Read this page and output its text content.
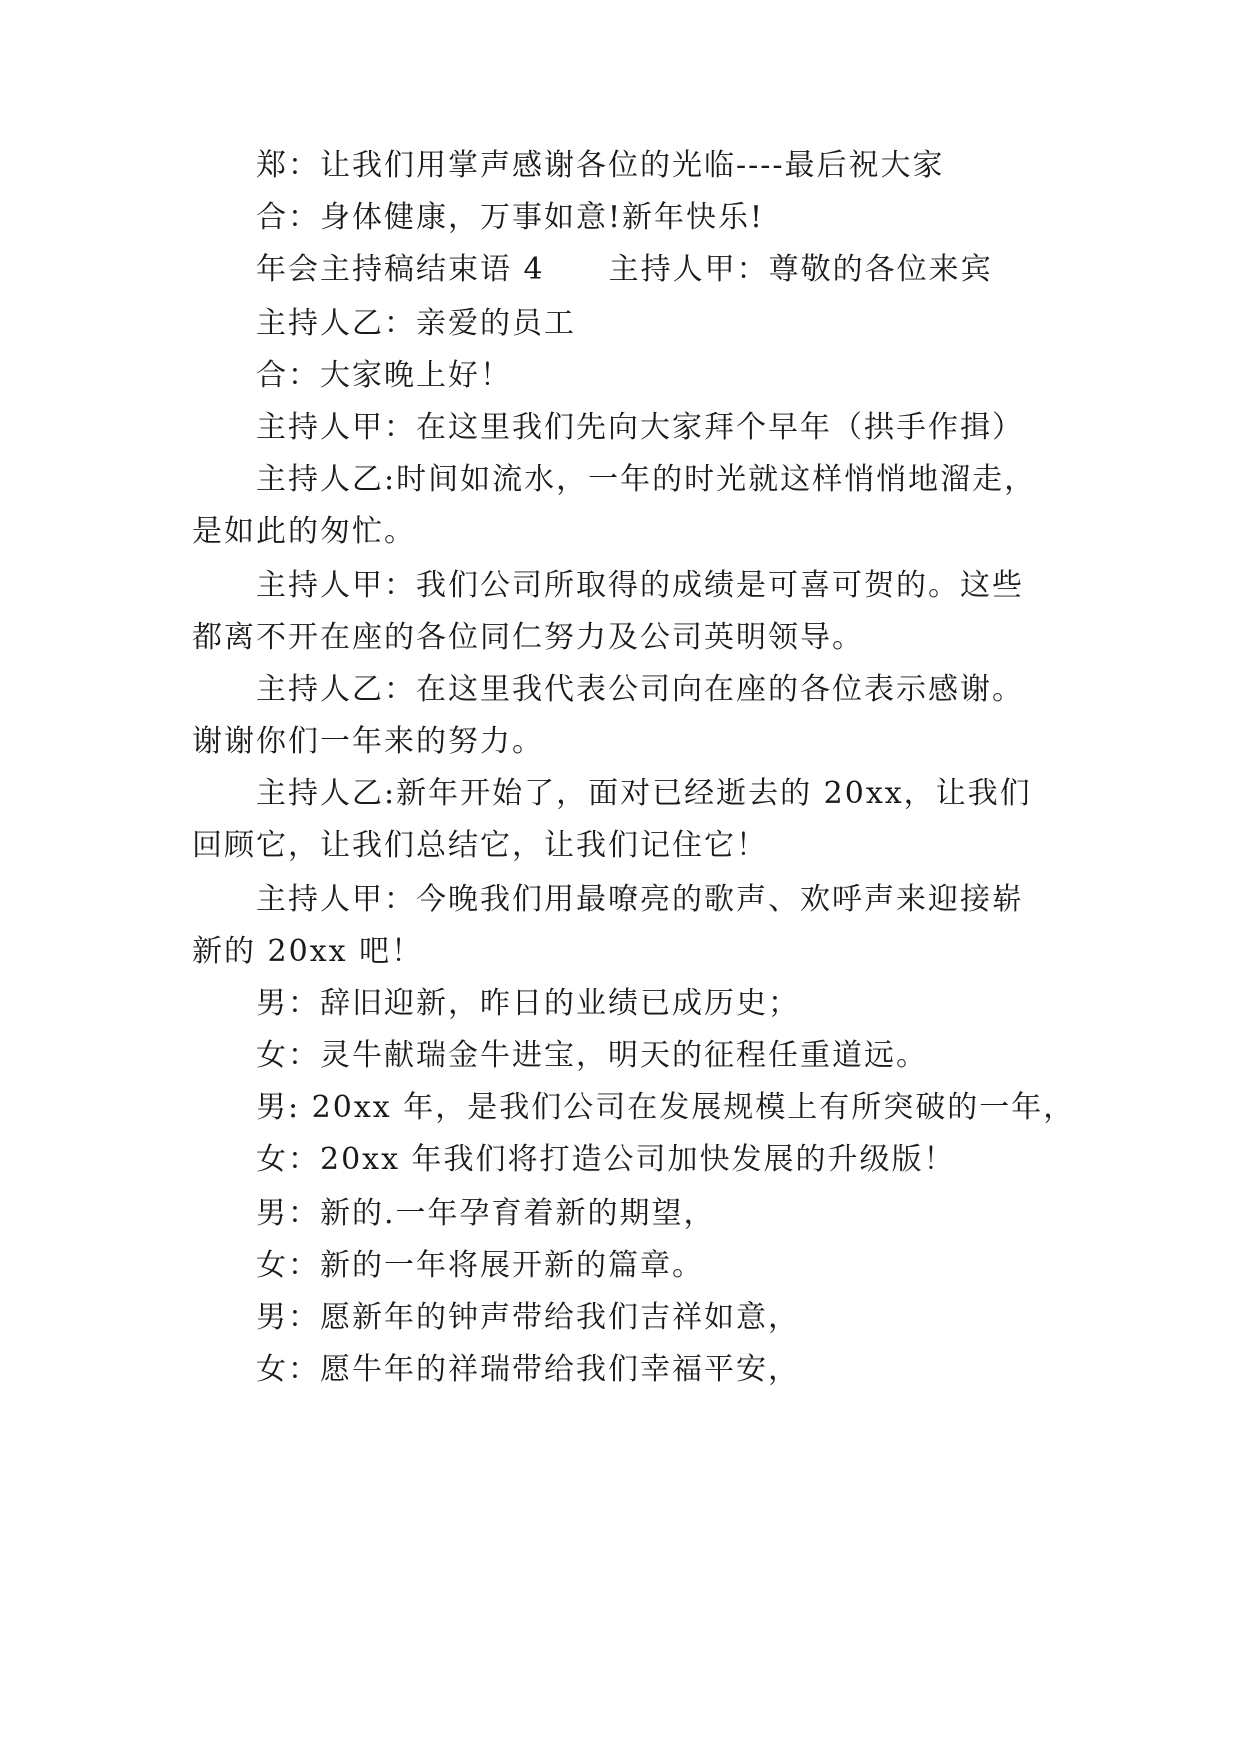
郑：让我们用掌声感谢各位的光临----最后祝大家
合：身体健康，万事如意!新年快乐!
年会主持稿结束语 4　　主持人甲：尊敬的各位来宾
主持人乙：亲爱的员工
合：大家晚上好！
主持人甲：在这里我们先向大家拜个早年（拱手作揖）
主持人乙:时间如流水，一年的时光就这样悄悄地溜走，
是如此的匆忙。
主持人甲：我们公司所取得的成绩是可喜可贺的。这些
都离不开在座的各位同仁努力及公司英明领导。
主持人乙：在这里我代表公司向在座的各位表示感谢。
谢谢你们一年来的努力。
主持人乙:新年开始了，面对已经逝去的 20xx，让我们
回顾它，让我们总结它，让我们记住它！
主持人甲：今晚我们用最嘹亮的歌声、欢呼声来迎接崭
新的 20xx 吧！
男：辞旧迎新，昨日的业绩已成历史；
女：灵牛献瑞金牛进宝，明天的征程任重道远。
男: 20xx 年，是我们公司在发展规模上有所突破的一年，
女：20xx 年我们将打造公司加快发展的升级版！
男：新的.一年孕育着新的期望，
女：新的一年将展开新的篇章。
男：愿新年的钟声带给我们吉祥如意，
女：愿牛年的祥瑞带给我们幸福平安，
